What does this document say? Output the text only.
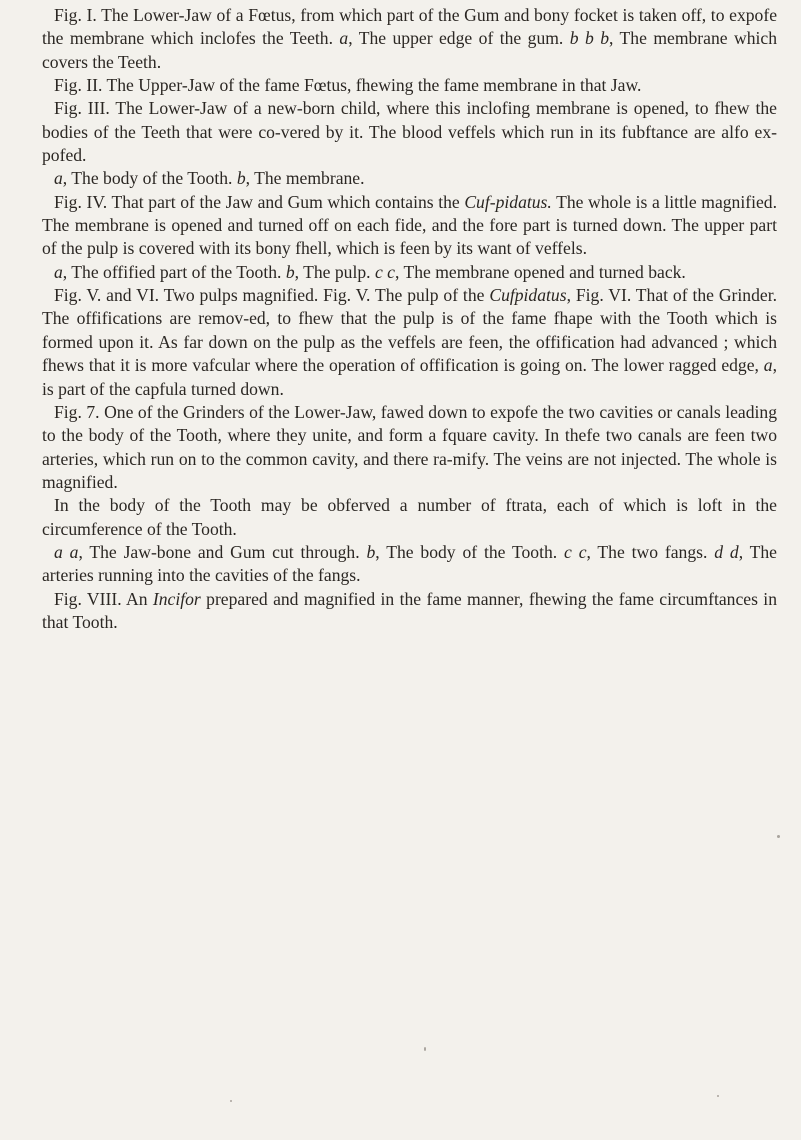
Fig. I. The Lower-Jaw of a Fœtus, from which part of the Gum and bony focket is taken off, to expofe the membrane which inclofes the Teeth. a, The upper edge of the gum. b b b, The membrane which covers the Teeth.

Fig. II. The Upper-Jaw of the fame Fœtus, fhewing the fame membrane in that Jaw.

Fig. III. The Lower-Jaw of a new-born child, where this inclofing membrane is opened, to fhew the bodies of the Teeth that were co-vered by it. The blood veffels which run in its fubftance are alfo ex-pofed.

a, The body of the Tooth. b, The membrane.

Fig. IV. That part of the Jaw and Gum which contains the Cuf-pidatus. The whole is a little magnified. The membrane is opened and turned off on each fide, and the fore part is turned down. The upper part of the pulp is covered with its bony fhell, which is feen by its want of veffels.

a, The offified part of the Tooth. b, The pulp. c c, The membrane opened and turned back.

Fig. V. and VI. Two pulps magnified. Fig. V. The pulp of the Cufpidatus, Fig. VI. That of the Grinder. The offifications are remov-ed, to fhew that the pulp is of the fame fhape with the Tooth which is formed upon it. As far down on the pulp as the veffels are feen, the offification had advanced ; which fhews that it is more vafcular where the operation of offification is going on. The lower ragged edge, a, is part of the capfula turned down.

Fig. 7. One of the Grinders of the Lower-Jaw, fawed down to expofe the two cavities or canals leading to the body of the Tooth, where they unite, and form a fquare cavity. In thefe two canals are feen two arteries, which run on to the common cavity, and there ra-mify. The veins are not injected. The whole is magnified.

In the body of the Tooth may be obferved a number of ftrata, each of which is loft in the circumference of the Tooth.

a a, The Jaw-bone and Gum cut through. b, The body of the Tooth. c c, The two fangs. d d, The arteries running into the cavities of the fangs.

Fig. VIII. An Incifor prepared and magnified in the fame manner, fhewing the fame circumftances in that Tooth.
